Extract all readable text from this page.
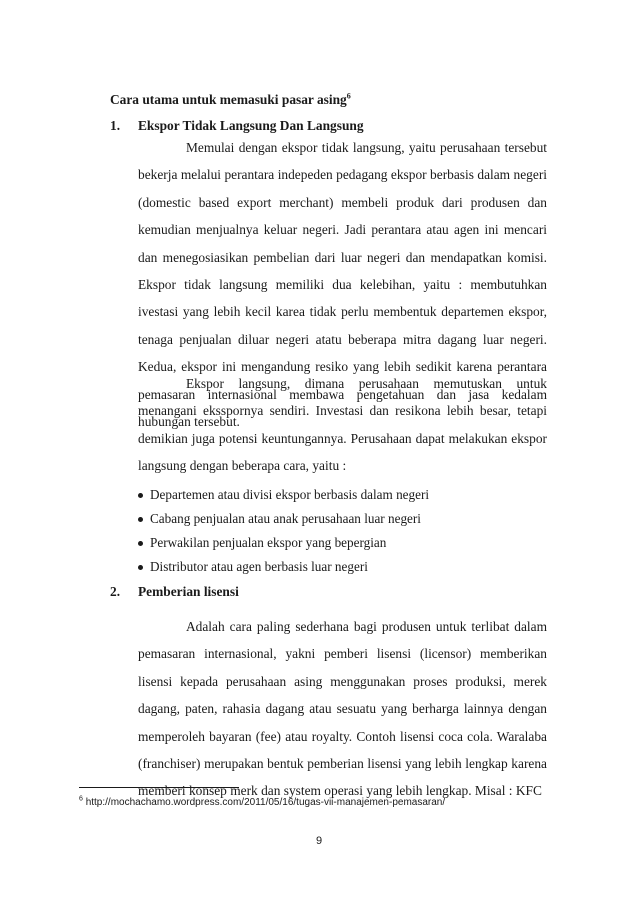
Cara utama untuk memasuki pasar asing$^6$
1. Ekspor Tidak Langsung Dan Langsung
Memulai dengan ekspor tidak langsung, yaitu perusahaan tersebut bekerja melalui perantara indepeden pedagang ekspor berbasis dalam negeri (domestic based export merchant) membeli produk dari produsen dan kemudian menjualnya keluar negeri. Jadi perantara atau agen ini mencari dan menegosiasikan pembelian dari luar negeri dan mendapatkan komisi. Ekspor tidak langsung memiliki dua kelebihan, yaitu : membutuhkan ivestasi yang lebih kecil karea tidak perlu membentuk departemen ekspor, tenaga penjualan diluar negeri atatu beberapa mitra dagang luar negeri. Kedua, ekspor ini mengandung resiko yang lebih sedikit karena perantara pemasaran internasional membawa pengetahuan dan jasa kedalam hubungan tersebut.
Ekspor langsung, dimana perusahaan memutuskan untuk menangani eksspornya sendiri. Investasi dan resikona lebih besar, tetapi demikian juga potensi keuntungannya. Perusahaan dapat melakukan ekspor langsung dengan beberapa cara, yaitu :
Departemen atau divisi ekspor berbasis dalam negeri
Cabang penjualan atau anak perusahaan luar negeri
Perwakilan penjualan ekspor yang bepergian
Distributor atau agen berbasis luar negeri
2. Pemberian lisensi
Adalah cara paling sederhana bagi produsen untuk terlibat dalam pemasaran internasional, yakni pemberi lisensi (licensor) memberikan lisensi kepada perusahaan asing menggunakan proses produksi, merek dagang, paten, rahasia dagang atau sesuatu yang berharga lainnya dengan memperoleh bayaran (fee) atau royalty. Contoh lisensi coca cola. Waralaba (franchiser) merupakan bentuk pemberian lisensi yang lebih lengkap karena memberi konsep merk dan system operasi yang lebih lengkap. Misal : KFC
$^6$ http://mochachamo.wordpress.com/2011/05/16/tugas-vii-manajemen-pemasaran/
9
